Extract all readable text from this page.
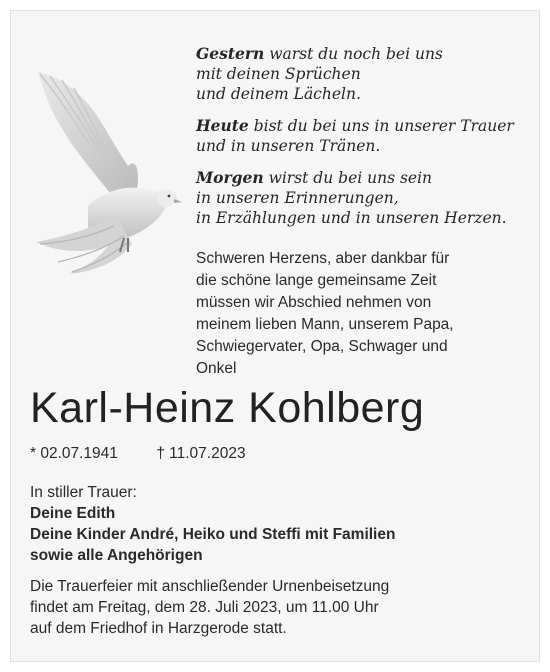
Gestern warst du noch bei uns
mit deinen Sprüchen
und deinem Lächeln.
Heute bist du bei uns in unserer Trauer
und in unseren Tränen.
Morgen wirst du bei uns sein
in unseren Erinnerungen,
in Erzählungen und in unseren Herzen.
Schweren Herzens, aber dankbar für
die schöne lange gemeinsame Zeit
müssen wir Abschied nehmen von
meinem lieben Mann, unserem Papa,
Schwiegervater, Opa, Schwager und
Onkel
Karl-Heinz Kohlberg
* 02.07.1941 † 11.07.2023
In stiller Trauer:
Deine Edith
Deine Kinder André, Heiko und Steffi mit Familien
sowie alle Angehörigen
Die Trauerfeier mit anschließender Urnenbeisetzung
findet am Freitag, dem 28. Juli 2023, um 11.00 Uhr
auf dem Friedhof in Harzgerode statt.
